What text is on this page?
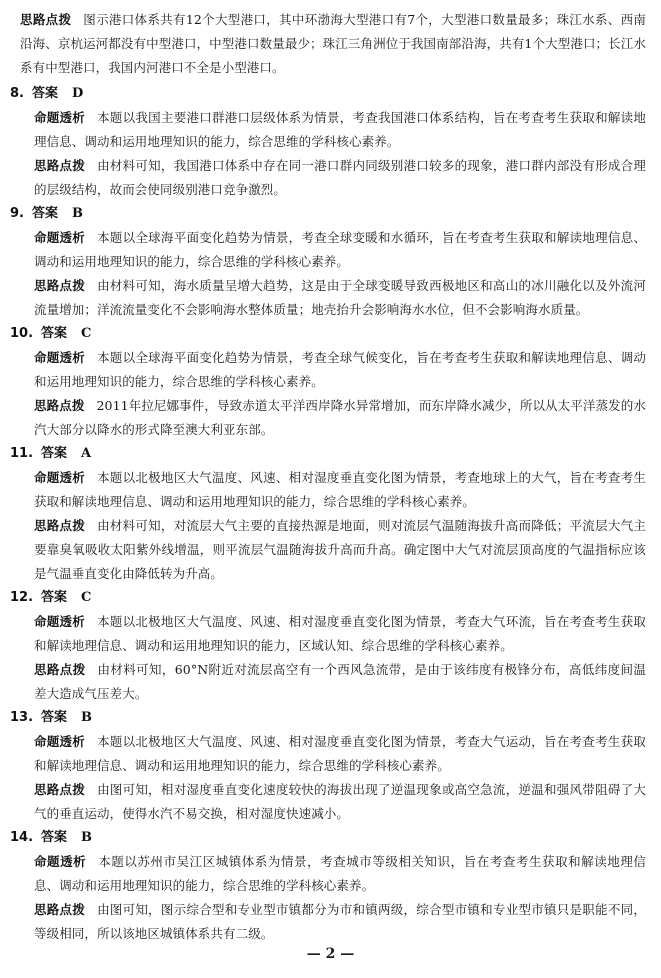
思路点拨 图示港口体系共有12个大型港口，其中环渤海大型港口有7个，大型港口数量最多；珠江水系、西南沿海、京杭运河都没有中型港口，中型港口数量最少；珠江三角洲位于我国南部沿海，共有1个大型港口；长江水系有中型港口，我国内河港口不全是小型港口。
8. 答案 D
命题透析 本题以我国主要港口群港口层级体系为情景，考查我国港口体系结构，旨在考查考生获取和解读地理信息、调动和运用地理知识的能力，综合思维的学科核心素养。
思路点拨 由材料可知，我国港口体系中存在同一港口群内同级别港口较多的现象，港口群内部没有形成合理的层级结构，故而会使同级别港口竞争激烈。
9. 答案 B
命题透析 本题以全球海平面变化趋势为情景，考查全球变暖和水循环，旨在考查考生获取和解读地理信息、调动和运用地理知识的能力，综合思维的学科核心素养。
思路点拨 由材料可知，海水质量呈增大趋势，这是由于全球变暖导致西极地区和高山的冰川融化以及外流河流量增加；洋流流量变化不会影响海水整体质量；地壳抬升会影响海水水位，但不会影响海水质量。
10. 答案 C
命题透析 本题以全球海平面变化趋势为情景，考查全球气候变化，旨在考查考生获取和解读地理信息、调动和运用地理知识的能力，综合思维的学科核心素养。
思路点拨 2011年拉尼娜事件，导致赤道太平洋西岸降水异常增加，而东岸降水减少，所以从太平洋蒸发的水汽大部分以降水的形式降至澳大利亚东部。
11. 答案 A
命题透析 本题以北极地区大气温度、风速、相对湿度垂直变化图为情景，考查地球上的大气，旨在考查考生获取和解读地理信息、调动和运用地理知识的能力，综合思维的学科核心素养。
思路点拨 由材料可知，对流层大气主要的直接热源是地面，则对流层气温随海拔升高而降低；平流层大气主要靠臭氧吸收太阳紫外线增温，则平流层气温随海拔升高而升高。确定图中大气对流层顶高度的气温指标应该是气温垂直变化由降低转为升高。
12. 答案 C
命题透析 本题以北极地区大气温度、风速、相对湿度垂直变化图为情景，考查大气环流，旨在考查考生获取和解读地理信息、调动和运用地理知识的能力，区域认知、综合思维的学科核心素养。
思路点拨 由材料可知，60°N附近对流层高空有一个西风急流带，是由于该纬度有极锋分布，高低纬度间温差大造成气压差大。
13. 答案 B
命题透析 本题以北极地区大气温度、风速、相对湿度垂直变化图为情景，考查大气运动，旨在考查考生获取和解读地理信息、调动和运用地理知识的能力，综合思维的学科核心素养。
思路点拨 由图可知，相对湿度垂直变化速度较快的海拔出现了逆温现象或高空急流，逆温和强风带阻碍了大气的垂直运动，使得水汽不易交换，相对湿度快速减小。
14. 答案 B
命题透析 本题以苏州市吴江区城镇体系为情景，考查城市等级相关知识，旨在考查考生获取和解读地理信息、调动和运用地理知识的能力，综合思维的学科核心素养。
思路点拨 由图可知，图示综合型和专业型市镇都分为市和镇两级，综合型市镇和专业型市镇只是职能不同，等级相同，所以该地区城镇体系共有二级。
— 2 —
